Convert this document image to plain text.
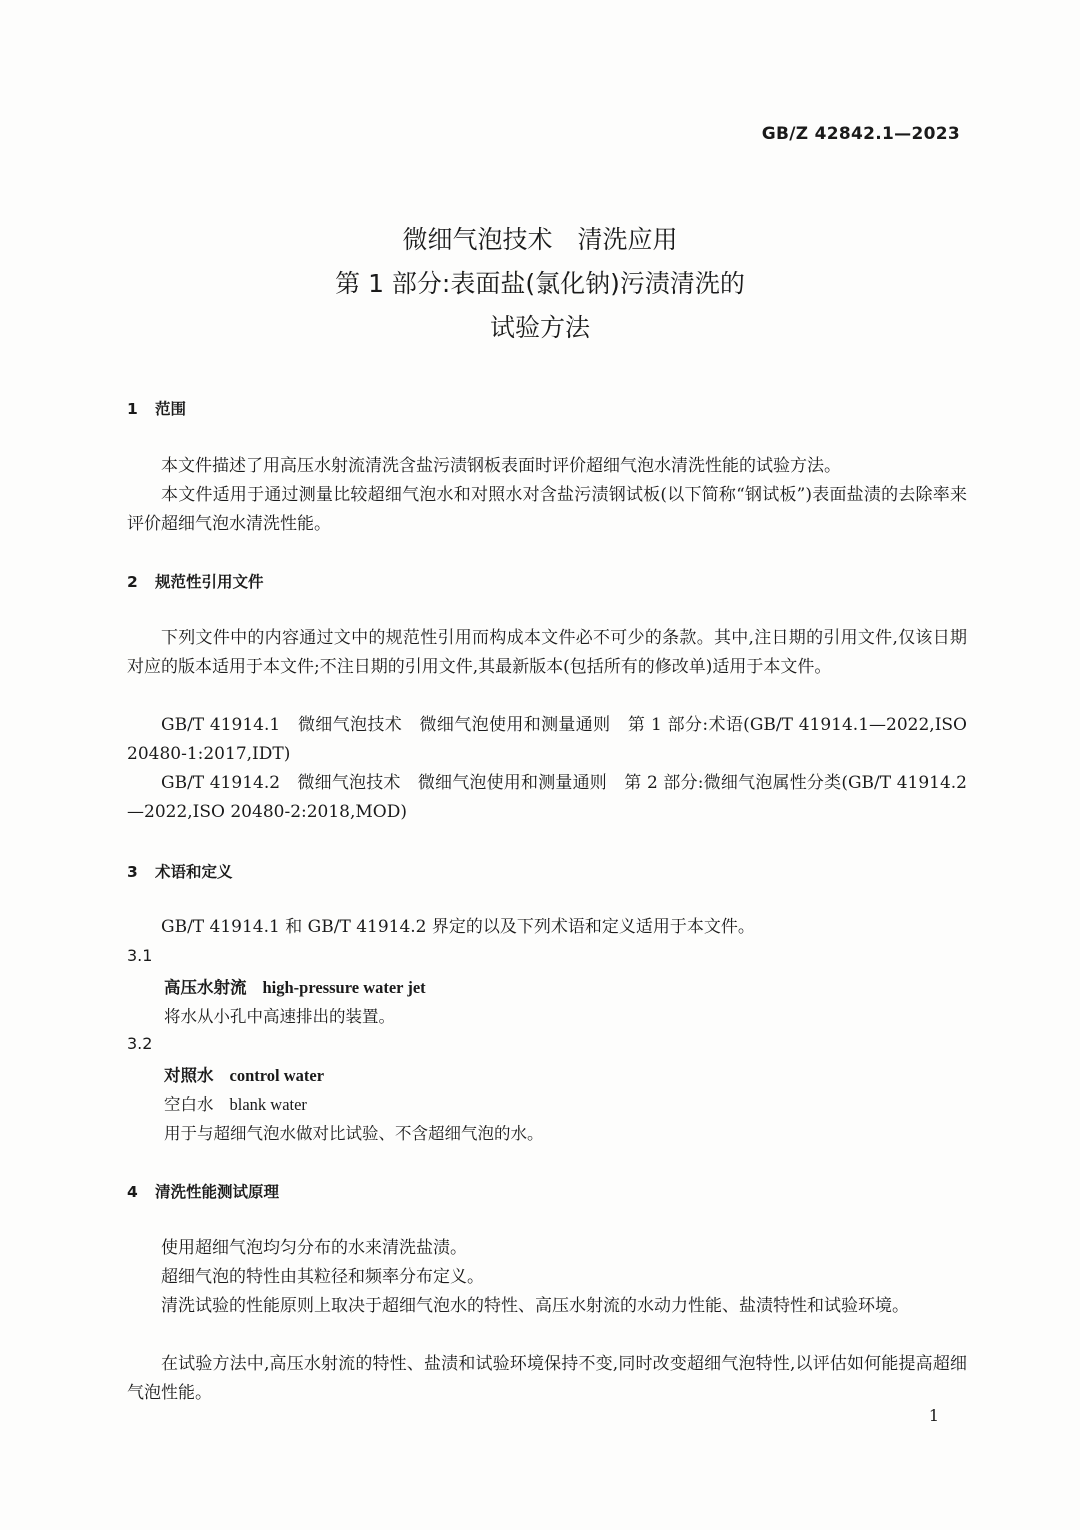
GB/Z 42842.1—2023
微细气泡技术　清洗应用
第 1 部分:表面盐(氯化钠)污渍清洗的
试验方法
1 范围
本文件描述了用高压水射流清洗含盐污渍钢板表面时评价超细气泡水清洗性能的试验方法。
本文件适用于通过测量比较超细气泡水和对照水对含盐污渍钢试板(以下简称“钢试板”)表面盐渍的去除率来评价超细气泡水清洗性能。
2 规范性引用文件
下列文件中的内容通过文中的规范性引用而构成本文件必不可少的条款。其中,注日期的引用文件,仅该日期对应的版本适用于本文件;不注日期的引用文件,其最新版本(包括所有的修改单)适用于本文件。
GB/T 41914.1　微细气泡技术　微细气泡使用和测量通则　第 1 部分:术语(GB/T 41914.1—2022,ISO 20480-1:2017,IDT)
GB/T 41914.2　微细气泡技术　微细气泡使用和测量通则　第 2 部分:微细气泡属性分类(GB/T 41914.2—2022,ISO 20480-2:2018,MOD)
3 术语和定义
GB/T 41914.1 和 GB/T 41914.2 界定的以及下列术语和定义适用于本文件。
3.1
高压水射流 high-pressure water jet
将水从小孔中高速排出的装置。
3.2
对照水 control water
空白水 blank water
用于与超细气泡水做对比试验、不含超细气泡的水。
4 清洗性能测试原理
使用超细气泡均匀分布的水来清洗盐渍。
超细气泡的特性由其粒径和频率分布定义。
清洗试验的性能原则上取决于超细气泡水的特性、高压水射流的水动力性能、盐渍特性和试验环境。
在试验方法中,高压水射流的特性、盐渍和试验环境保持不变,同时改变超细气泡特性,以评估如何能提高超细气泡性能。
1
